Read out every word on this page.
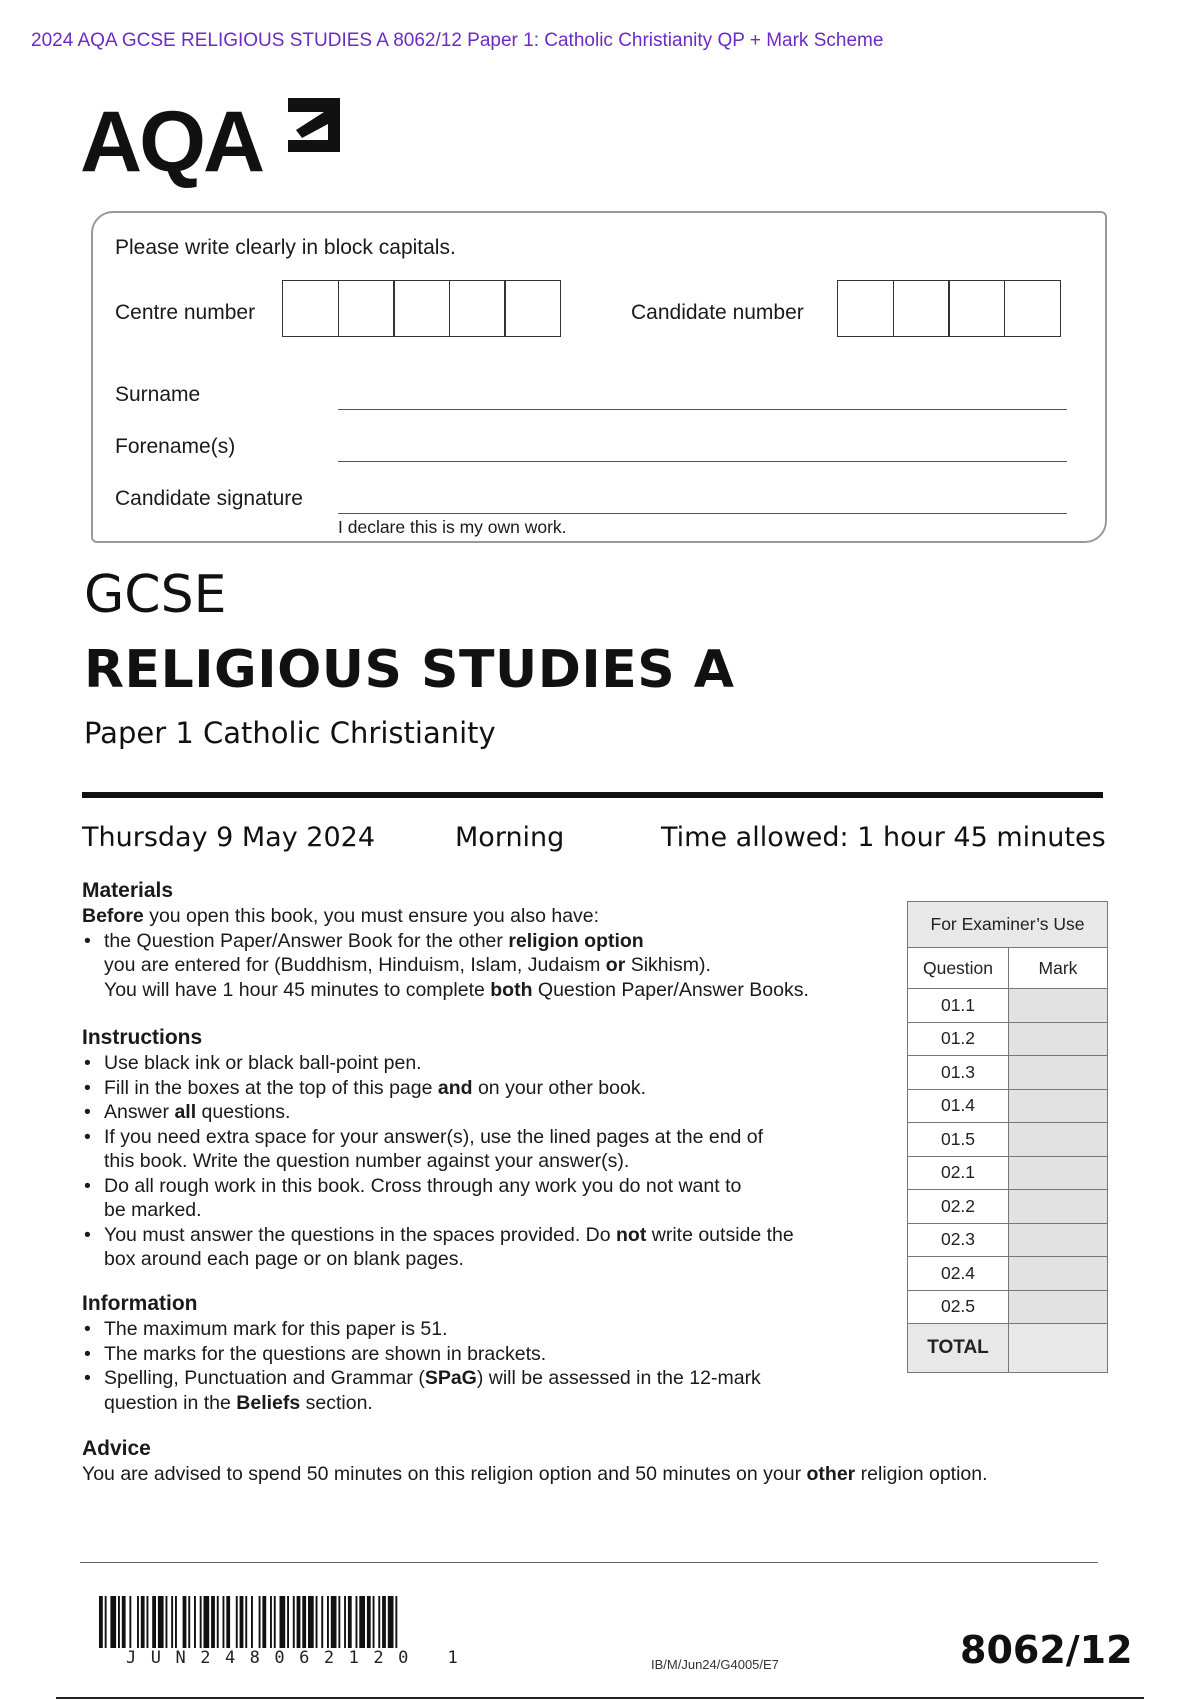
2024 AQA GCSE RELIGIOUS STUDIES A 8062/12 Paper 1: Catholic Christianity QP + Mark Scheme
AQA
Please write clearly in block capitals.
Centre number	Candidate number
Surname
Forename(s)
Candidate signature
I declare this is my own work.
GCSE
RELIGIOUS STUDIES A
Paper 1 Catholic Christianity
Thursday 9 May 2024	Morning	Time allowed: 1 hour 45 minutes
Materials

Before you open this book, you must ensure you also have:

• the Question Paper/Answer Book for the other religion option
you are entered for (Buddhism, Hinduism, Islam, Judaism or Sikhism).
You will have 1 hour 45 minutes to complete both Question Paper/Answer Books.
Instructions
• Use black ink or black ball-point pen.
• Fill in the boxes at the top of this page and on your other book.
• Answer all questions.
• If you need extra space for your answer(s), use the lined pages at the end of
this book. Write the question number against your answer(s).
• Do all rough work in this book. Cross through any work you do not want to
be marked.
• You must answer the questions in the spaces provided. Do not write outside the
box around each page or on blank pages.
Information
• The maximum mark for this paper is 51.
• The marks for the questions are shown in brackets.
• Spelling, Punctuation and Grammar (SPaG) will be assessed in the 12-mark
question in the Beliefs section.
Advice

You are advised to spend 50 minutes on this religion option and 50 minutes on your other religion option.

For Examiner’s Use	
Question	Mark
01.1	
01.2	
01.3	
01.4	
01.5	
02.1	
02.2	
02.3	
02.4	
02.5	
TOTAL	
JUN248062120 1	IB/M/Jun24/G4005/E7	8062/12
